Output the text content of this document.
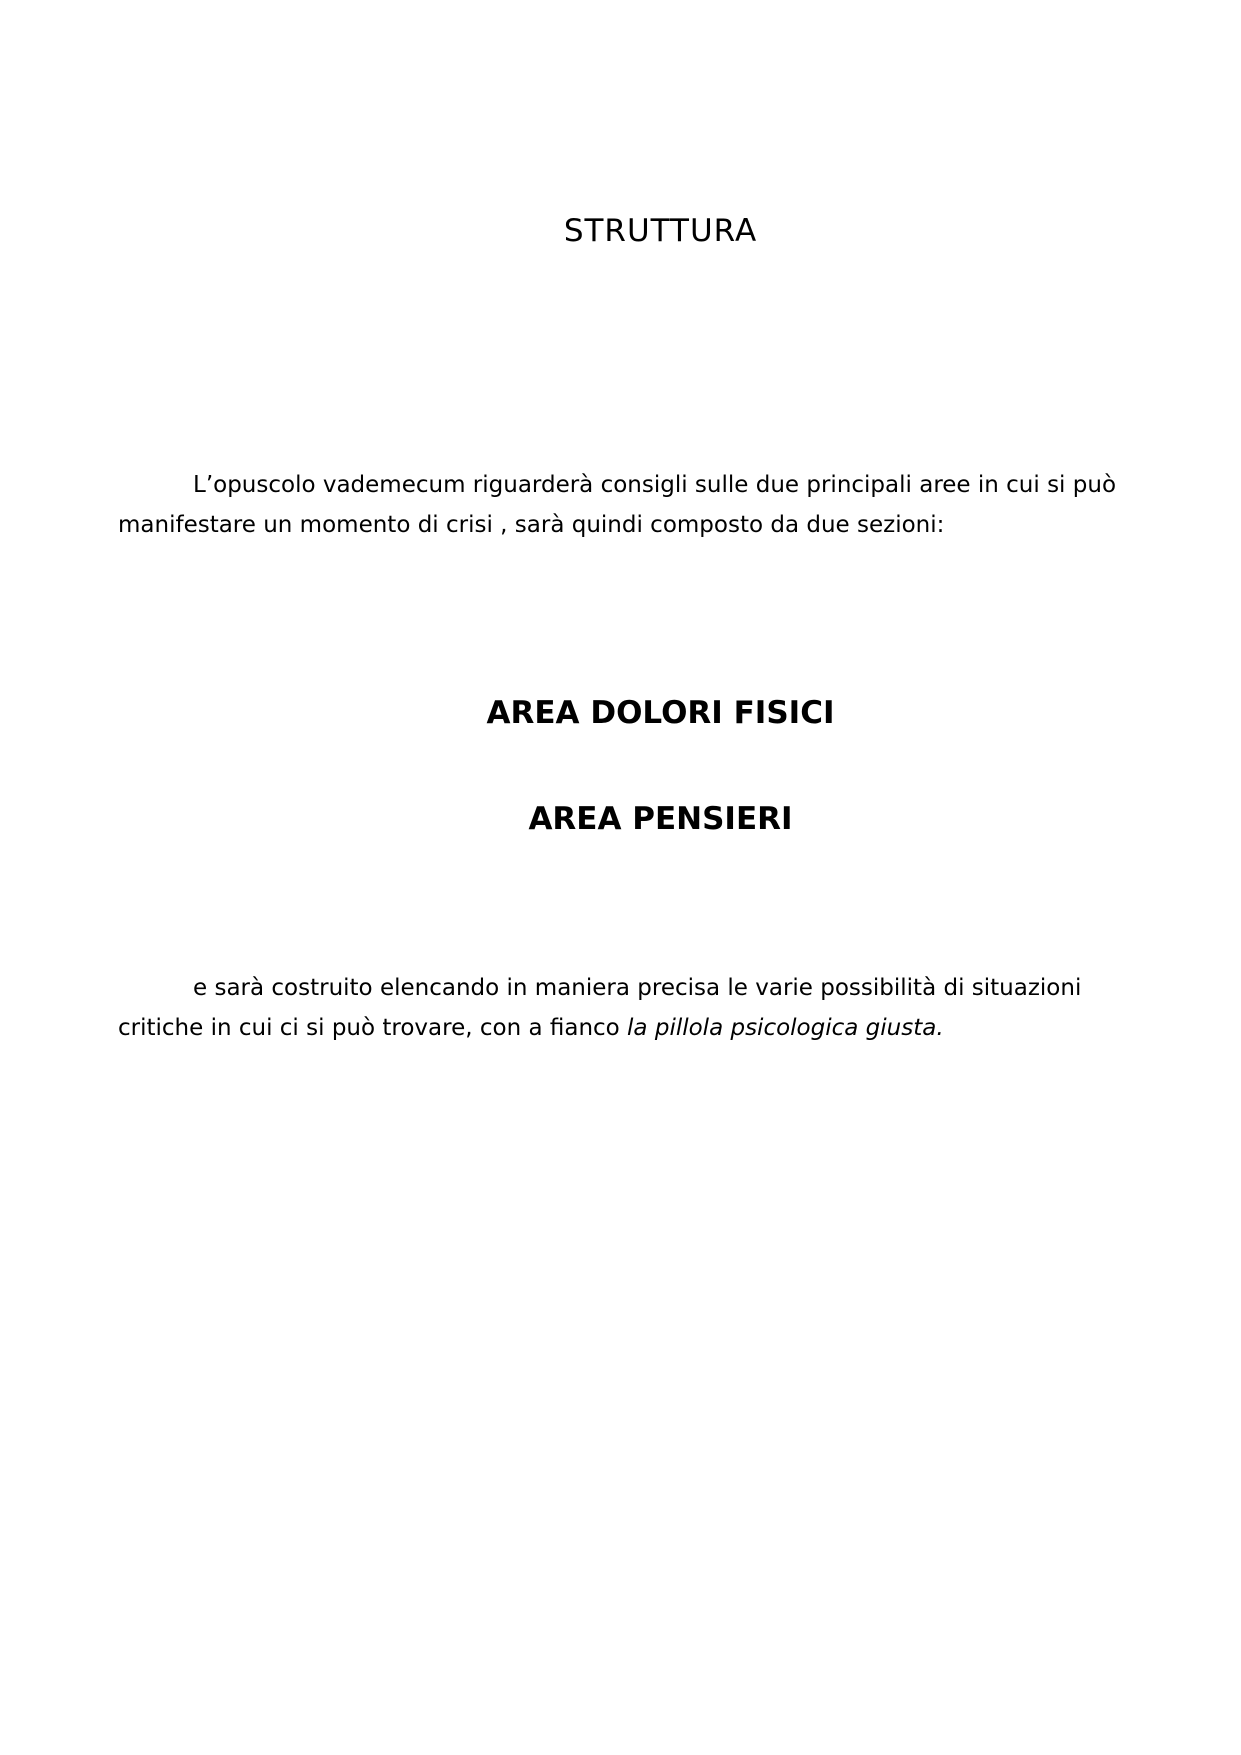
STRUTTURA

L’opuscolo vademecum riguarderà consigli sulle due principali aree in cui si può
manifestare un momento di crisi , sarà quindi composto da due sezioni:

AREA DOLORI FISICI
AREA PENSIERI

e sarà costruito elencando in maniera precisa le varie possibilità di situazioni
critiche in cui ci si può trovare, con a fianco la pillola psicologica giusta.
